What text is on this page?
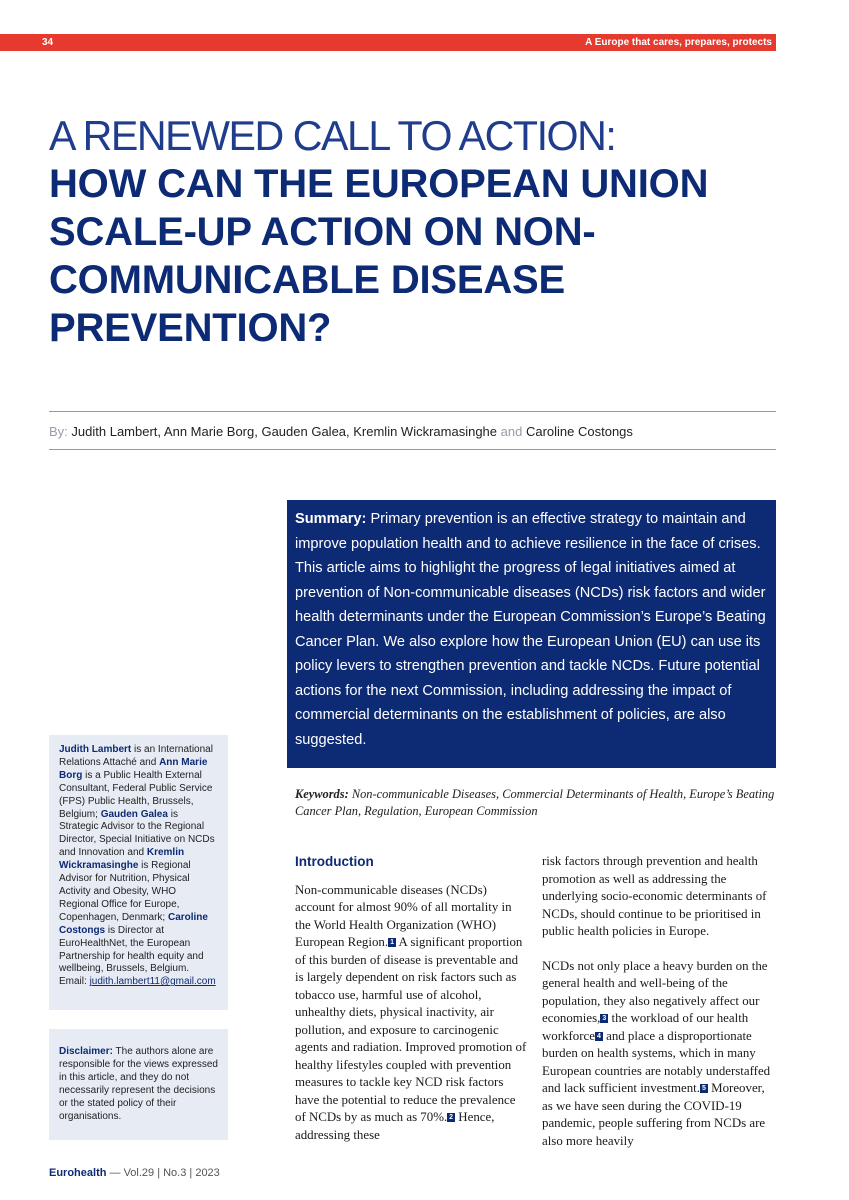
34	A Europe that cares, prepares, protects
A RENEWED CALL TO ACTION:
HOW CAN THE EUROPEAN UNION SCALE-UP ACTION ON NON-COMMUNICABLE DISEASE PREVENTION?
By: Judith Lambert, Ann Marie Borg, Gauden Galea, Kremlin Wickramasinghe and Caroline Costongs
Summary: Primary prevention is an effective strategy to maintain and improve population health and to achieve resilience in the face of crises. This article aims to highlight the progress of legal initiatives aimed at prevention of Non-communicable diseases (NCDs) risk factors and wider health determinants under the European Commission’s Europe’s Beating Cancer Plan. We also explore how the European Union (EU) can use its policy levers to strengthen prevention and tackle NCDs. Future potential actions for the next Commission, including addressing the impact of commercial determinants on the establishment of policies, are also suggested.
Keywords: Non-communicable Diseases, Commercial Determinants of Health, Europe’s Beating Cancer Plan, Regulation, European Commission
Judith Lambert is an International Relations Attaché and Ann Marie Borg is a Public Health External Consultant, Federal Public Service (FPS) Public Health, Brussels, Belgium; Gauden Galea is Strategic Advisor to the Regional Director, Special Initiative on NCDs and Innovation and Kremlin Wickramasinghe is Regional Advisor for Nutrition, Physical Activity and Obesity, WHO Regional Office for Europe, Copenhagen, Denmark; Caroline Costongs is Director at EuroHealthNet, the European Partnership for health equity and wellbeing, Brussels, Belgium. Email: judith.lambert11@gmail.com
Disclaimer: The authors alone are responsible for the views expressed in this article, and they do not necessarily represent the decisions or the stated policy of their organisations.
Introduction

Non-communicable diseases (NCDs) account for almost 90% of all mortality in the World Health Organization (WHO) European Region. 1 A significant proportion of this burden of disease is preventable and is largely dependent on risk factors such as tobacco use, harmful use of alcohol, unhealthy diets, physical inactivity, air pollution, and exposure to carcinogenic agents and radiation. Improved promotion of healthy lifestyles coupled with prevention measures to tackle key NCD risk factors have the potential to reduce the prevalence of NCDs by as much as 70%. 2 Hence, addressing these

risk factors through prevention and health promotion as well as addressing the underlying socio-economic determinants of NCDs, should continue to be prioritised in public health policies in Europe.

NCDs not only place a heavy burden on the general health and well-being of the population, they also negatively affect our economies, 3 the workload of our health workforce 4 and place a disproportionate burden on health systems, which in many European countries are notably understaffed and lack sufficient investment. 5 Moreover, as we have seen during the COVID-19 pandemic, people suffering from NCDs are also more heavily

Eurohealth — Vol.29 | No.3 | 2023
